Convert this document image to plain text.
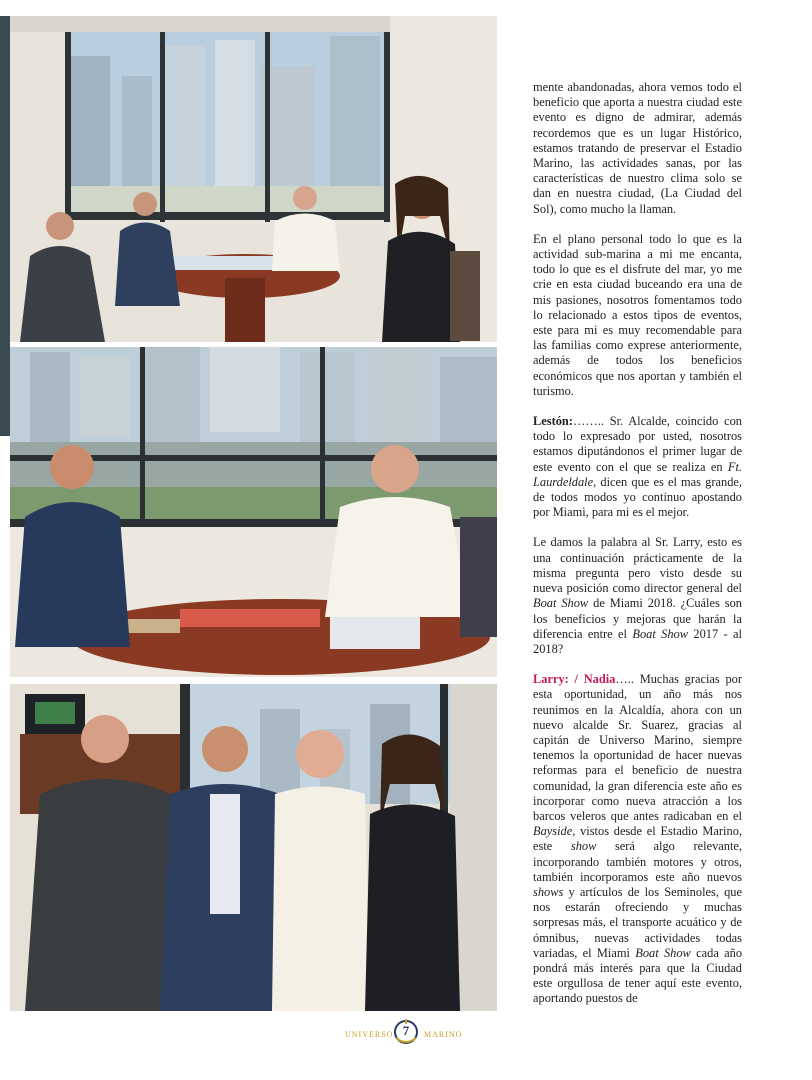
mente abandonadas, ahora vemos todo el beneficio que aporta a nuestra ciudad este evento es digno de admirar, además recordemos que es un lugar Histórico, estamos tratando de preservar el Estadio Marino, las actividades sanas, por las características de nuestro clima solo se dan en nuestra ciudad, (La Ciudad del Sol), como mucho la llaman.

En el plano personal todo lo que es la actividad sub-marina a mi me encanta, todo lo que es el disfrute del mar, yo me crie en esta ciudad buceando era una de mis pasiones, nosotros fomentamos todo lo relacionado a estos tipos de eventos, este para mi es muy recomendable para las familias como exprese anteriormente, además de todos los beneficios económicos que nos aportan y también el turismo.

Lestón:…….. Sr. Alcalde, coincido con todo lo expresado por usted, nosotros estamos diputándonos el primer lugar de este evento con el que se realiza en Ft. Laurdeldale, dicen que es el mas grande, de todos modos yo continuo apostando por Miami, para mi es el mejor.

Le damos la palabra al Sr. Larry, esto es una continuación prácticamente de la misma pregunta pero visto desde su nueva posición como director general del Boat Show de Miami 2018. ¿Cuáles son los beneficios y mejoras que harán la diferencia entre el Boat Show 2017 - al 2018?

Larry: / Nadia….. Muchas gracias por esta oportunidad, un año más nos reunimos en la Alcaldía, ahora con un nuevo alcalde Sr. Suarez, gracias al capitán de Universo Marino, siempre tenemos la oportunidad de hacer nuevas reformas para el beneficio de nuestra comunidad, la gran diferencia este año es incorporar como nueva atracción a los barcos veleros que antes radicaban en el Bayside, vistos desde el Estadio Marino, este show será algo relevante, incorporando también motores y otros, también incorporamos este año nuevos shows y artículos de los Seminoles, que nos estarán ofreciendo y muchas sorpresas más, el transporte acuático y de ómnibus, nuevas actividades todas variadas, el Miami Boat Show cada año pondrá más interés para que la Ciudad este orgullosa de tener aquí este evento, aportando puestos de

UNIVERSO 7	MARINO
